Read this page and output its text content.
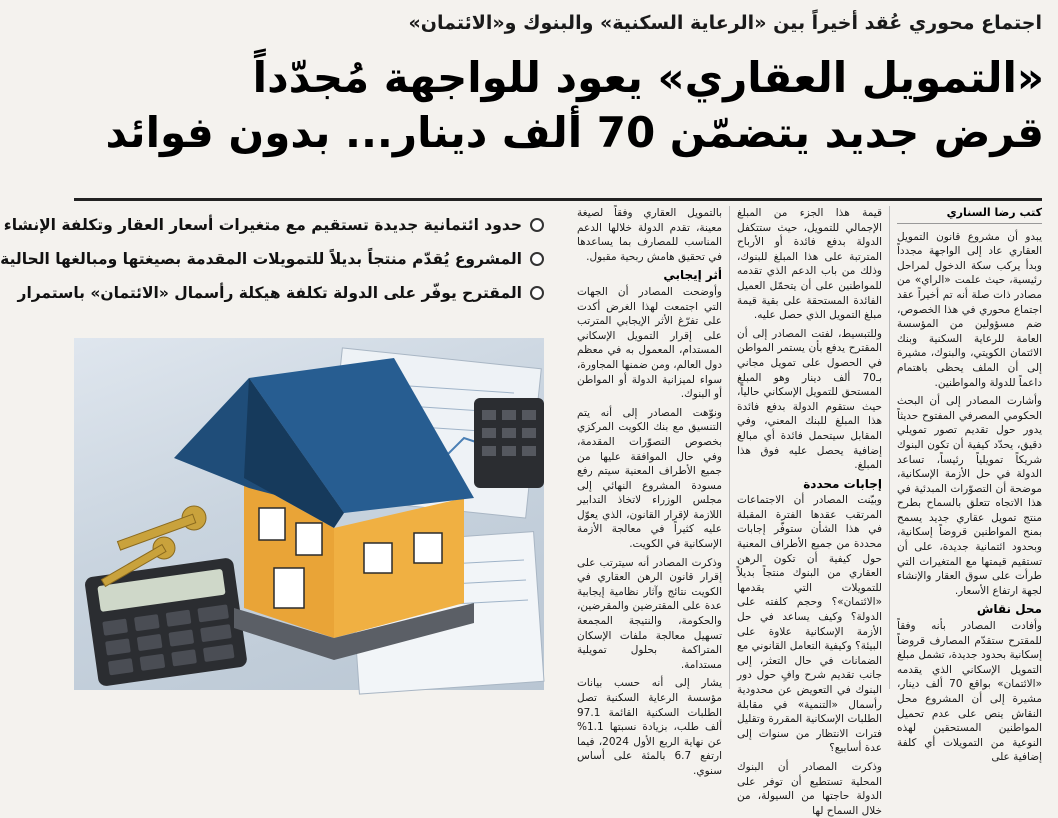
اجتماع محوري عُقد أخيراً بين «الرعاية السكنية» والبنوك و«الائتمان»
«التمويل العقاري» يعود للواجهة مُجدّداً
قرض جديد يتضمّن 70 ألف دينار... بدون فوائد
كتب رضا السناري

يبدو أن مشروع قانون التمويل العقاري عاد إلى الواجهة مجدداً وبدأ يركب سكة الدخول لمراحل رئيسية، حيث علمت «الراي» من مصادر ذات صلة أنه تم أخيراً عقد اجتماع محوري في هذا الخصوص، ضم مسؤولين من المؤسسة العامة للرعاية السكنية وبنك الائتمان الكويتي، والبنوك، مشيرة إلى أن الملف يحظى باهتمام داعماً للدولة والمواطنين.

وأشارت المصادر إلى أن البحث الحكومي المصرفي المفتوح حديثاً يدور حول تقديم تصور تمويلي دقيق، يحدّد كيفية أن تكون البنوك شريكاً تمويلياً رئيساً، تساعد الدولة في حل الأزمة الإسكانية، موضحة أن التصوّرات المبدئية في هذا الاتجاه تتعلق بالسماح بطرح منتج تمويل عقاري جديد يسمح بمنح المواطنين قروضاً إسكانية، وبحدود ائتمانية جديدة، على أن تستقيم قيمتها مع المتغيرات التي طرأت على سوق العقار والإنشاء لجهة ارتفاع الأسعار.

محل نقاش

وأفادت المصادر بأنه وفقاً للمقترح ستقدّم المصارف قروضاً إسكانية بحدود جديدة، تشمل مبلغ التمويل الإسكاني الذي يقدمه «الائتمان» بواقع 70 ألف دينار، مشيرة إلى أن المشروع محل النقاش ينص على عدم تحميل المواطنين المستحقين لهذه النوعية من التمويلات أي كلفة إضافية على

قيمة هذا الجزء من المبلغ الإجمالي للتمويل، حيث ستتكفل الدولة بدفع فائدة أو الأرباح المترتبة على هذا المبلغ للبنوك، وذلك من باب الدعم الذي تقدمه للمواطنين على أن يتحمّل العميل الفائدة المستحقة على بقية قيمة مبلغ التمويل الذي حصل عليه.

وللتبسيط، لفتت المصادر إلى أن المقترح يدفع بأن يستمر المواطن في الحصول على تمويل مجاني بـ70 ألف دينار وهو المبلغ المستحق للتمويل الإسكاني حالياً، حيث ستقوم الدولة بدفع فائدة هذا المبلغ للبنك المعني، وفي المقابل سيتحمل فائدة أي مبالغ إضافية يحصل عليه فوق هذا المبلغ.

إجابات محددة

وبيّنت المصادر أن الاجتماعات المرتقب عقدها الفترة المقبلة في هذا الشأن ستوفّر إجابات محددة من جميع الأطراف المعنية حول كيفية أن تكون الرهن العقاري من البنوك منتجاً بديلاً للتمويلات التي يقدمها «الائتمان»؟ وحجم كلفته على الدولة؟ وكيف يساعد في حل الأزمة الإسكانية علاوة على البيئة؟ وكيفية التعامل القانوني مع الضمانات في حال التعثر، إلى جانب تقديم شرح وافٍ حول دور البنوك في التعويض عن محدودية رأسمال «التنمية» في مقابلة الطلبات الإسكانية المقررة وتقليل فترات الانتظار من سنوات إلى عدة أسابيع؟

وذكرت المصادر أن البنوك المحلية تستطيع أن توفر على الدولة حاجتها من السيولة، من خلال السماح لها

بالتمويل العقاري وفقاً لصيغة معينة، تقدم الدولة خلالها الدعم المناسب للمصارف بما يساعدها في تحقيق هامش ربحية مقبول.

أثر إيجابي

وأوضحت المصادر أن الجهات التي اجتمعت لهذا الغرض أكدت على تفرّغ الأثر الإيجابي المترتب على إقرار التمويل الإسكاني المستدام، المعمول به في معظم دول العالم، ومن ضمنها المجاورة، سواء لميزانية الدولة أو المواطن أو البنوك.

ونوّهت المصادر إلى أنه يتم التنسيق مع بنك الكويت المركزي بخصوص التصوّرات المقدمة، وفي حال الموافقة عليها من جميع الأطراف المعنية سيتم رفع مسودة المشروع النهائي إلى مجلس الوزراء لاتخاذ التدابير اللازمة لإقرار القانون، الذي يعوّل عليه كثيراً في معالجة الأزمة الإسكانية في الكويت.

وذكرت المصادر أنه سيترتب على إقرار قانون الرهن العقاري في الكويت نتائج وآثار نظامية إيجابية عدة على المقترضين والمقرضين، والحكومة، والنتيجة المجمعة تسهيل معالجة ملفات الإسكان المتراكمة بحلول تمويلية مستدامة.

يشار إلى أنه حسب بيانات مؤسسة الرعاية السكنية تصل الطلبات السكنية القائمة 97.1 ألف طلب، بزيادة نسبتها 1.1% عن نهاية الربع الأول 2024، فيما ارتفع 6.7 بالمئة على أساس سنوي.

حدود ائتمانية جديدة تستقيم مع متغيرات أسعار العقار وتكلفة الإنشاء
المشروع يُقدّم منتجاً بديلاً للتمويلات المقدمة بصيغتها ومبالغها الحالية
المقترح يوفّر على الدولة تكلفة هيكلة رأسمال «الائتمان» باستمرار
